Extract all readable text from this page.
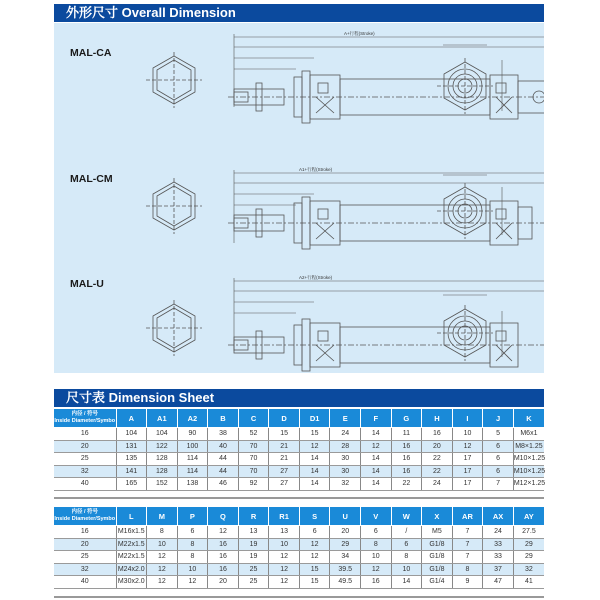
外形尺寸 Overall Dimension
MAL-CA
A+行程(Stroke)
A1+行程(Stroke)
A2+行程(Stroke)
MAL-CM
MAL-U
尺寸表 Dimension Sheet
内径 / 符号
Inside Diameter/Symbo	A	A1	A2	B	C	D	D1	E	F	G	H	I	J	K
16	104	104	90	38	52	15	15	24	14	11	16	10	5	M6x1
20	131	122	100	40	70	21	12	28	12	16	20	12	6	M8×1.25
25	135	128	114	44	70	21	14	30	14	16	22	17	6	M10×1.25
32	141	128	114	44	70	27	14	30	14	16	22	17	6	M10×1.25
40	165	152	138	46	92	27	14	32	14	22	24	17	7	M12×1.25
内径 / 符号
Inside Diameter/Symbo	L	M	P	Q	R	R1	S	U	V	W	X	AR	AX	AY
16	M16x1.5	8	6	12	13	13	6	20	6	/	M5	7	24	27.5
20	M22x1.5	10	8	16	19	10	12	29	8	6	G1/8	7	33	29
25	M22x1.5	12	8	16	19	12	12	34	10	8	G1/8	7	33	29
32	M24x2.0	12	10	16	25	12	15	39.5	12	10	G1/8	8	37	32
40	M30x2.0	12	12	20	25	12	15	49.5	16	14	G1/4	9	47	41
